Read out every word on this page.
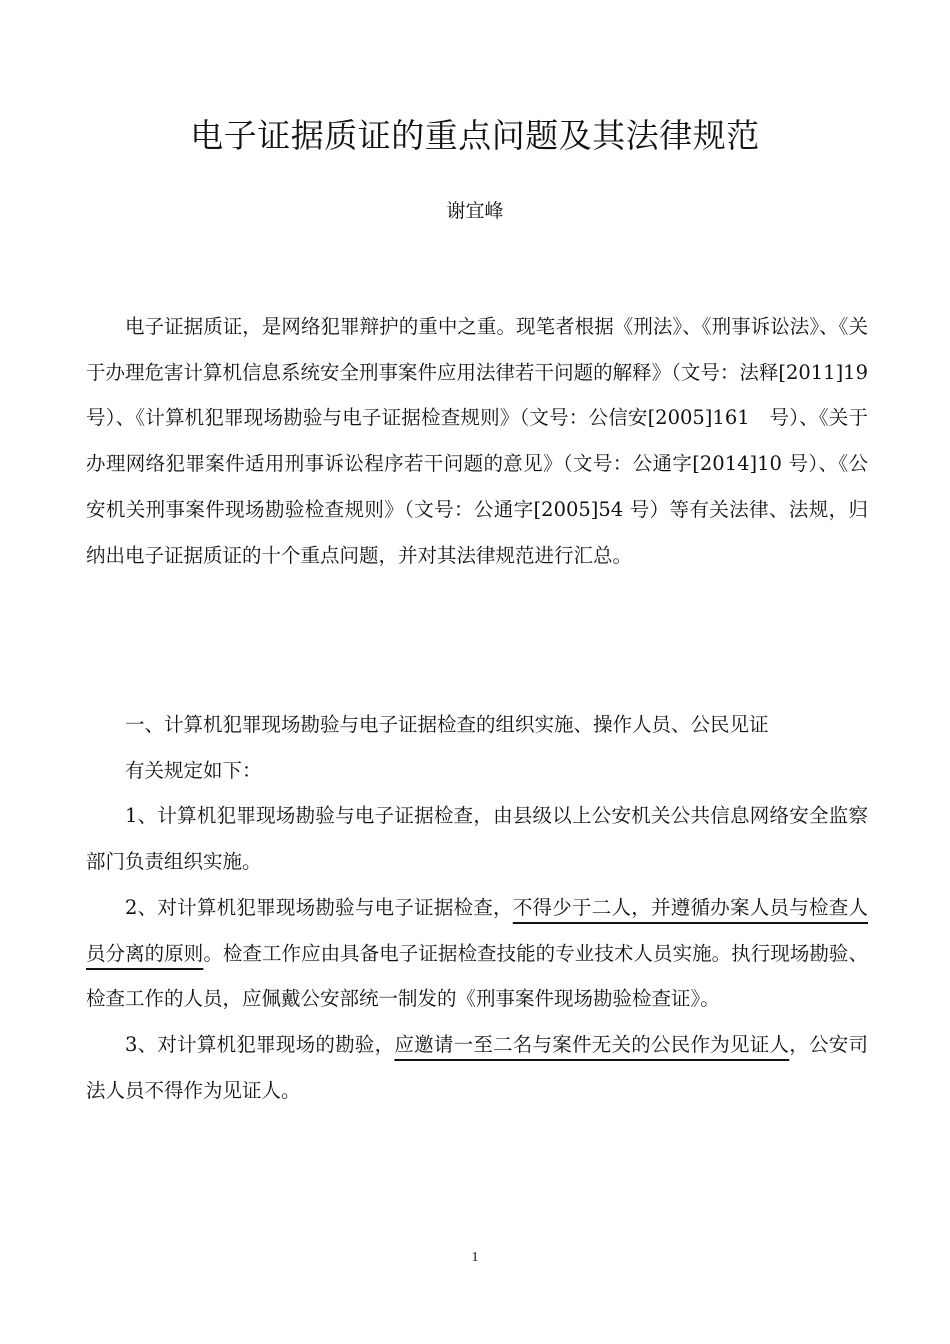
电子证据质证的重点问题及其法律规范
谢宜峰

电子证据质证，是网络犯罪辩护的重中之重。现笔者根据《刑法》、《刑事诉讼法》、《关于办理危害计算机信息系统安全刑事案件应用法律若干问题的解释》（文号：法释[2011]19 号）、《计算机犯罪现场勘验与电子证据检查规则》（文号：公信安[2005]161　号）、《关于办理网络犯罪案件适用刑事诉讼程序若干问题的意见》（文号：公通字[2014]10 号）、《公安机关刑事案件现场勘验检查规则》（文号：公通字[2005]54 号）等有关法律、法规，归纳出电子证据质证的十个重点问题，并对其法律规范进行汇总。

一、计算机犯罪现场勘验与电子证据检查的组织实施、操作人员、公民见证
有关规定如下：
1、计算机犯罪现场勘验与电子证据检查，由县级以上公安机关公共信息网络安全监察部门负责组织实施。
2、对计算机犯罪现场勘验与电子证据检查，不得少于二人，并遵循办案人员与检查人员分离的原则。检查工作应由具备电子证据检查技能的专业技术人员实施。执行现场勘验、检查工作的人员，应佩戴公安部统一制发的《刑事案件现场勘验检查证》。
3、对计算机犯罪现场的勘验，应邀请一至二名与案件无关的公民作为见证人，公安司法人员不得作为见证人。
1
